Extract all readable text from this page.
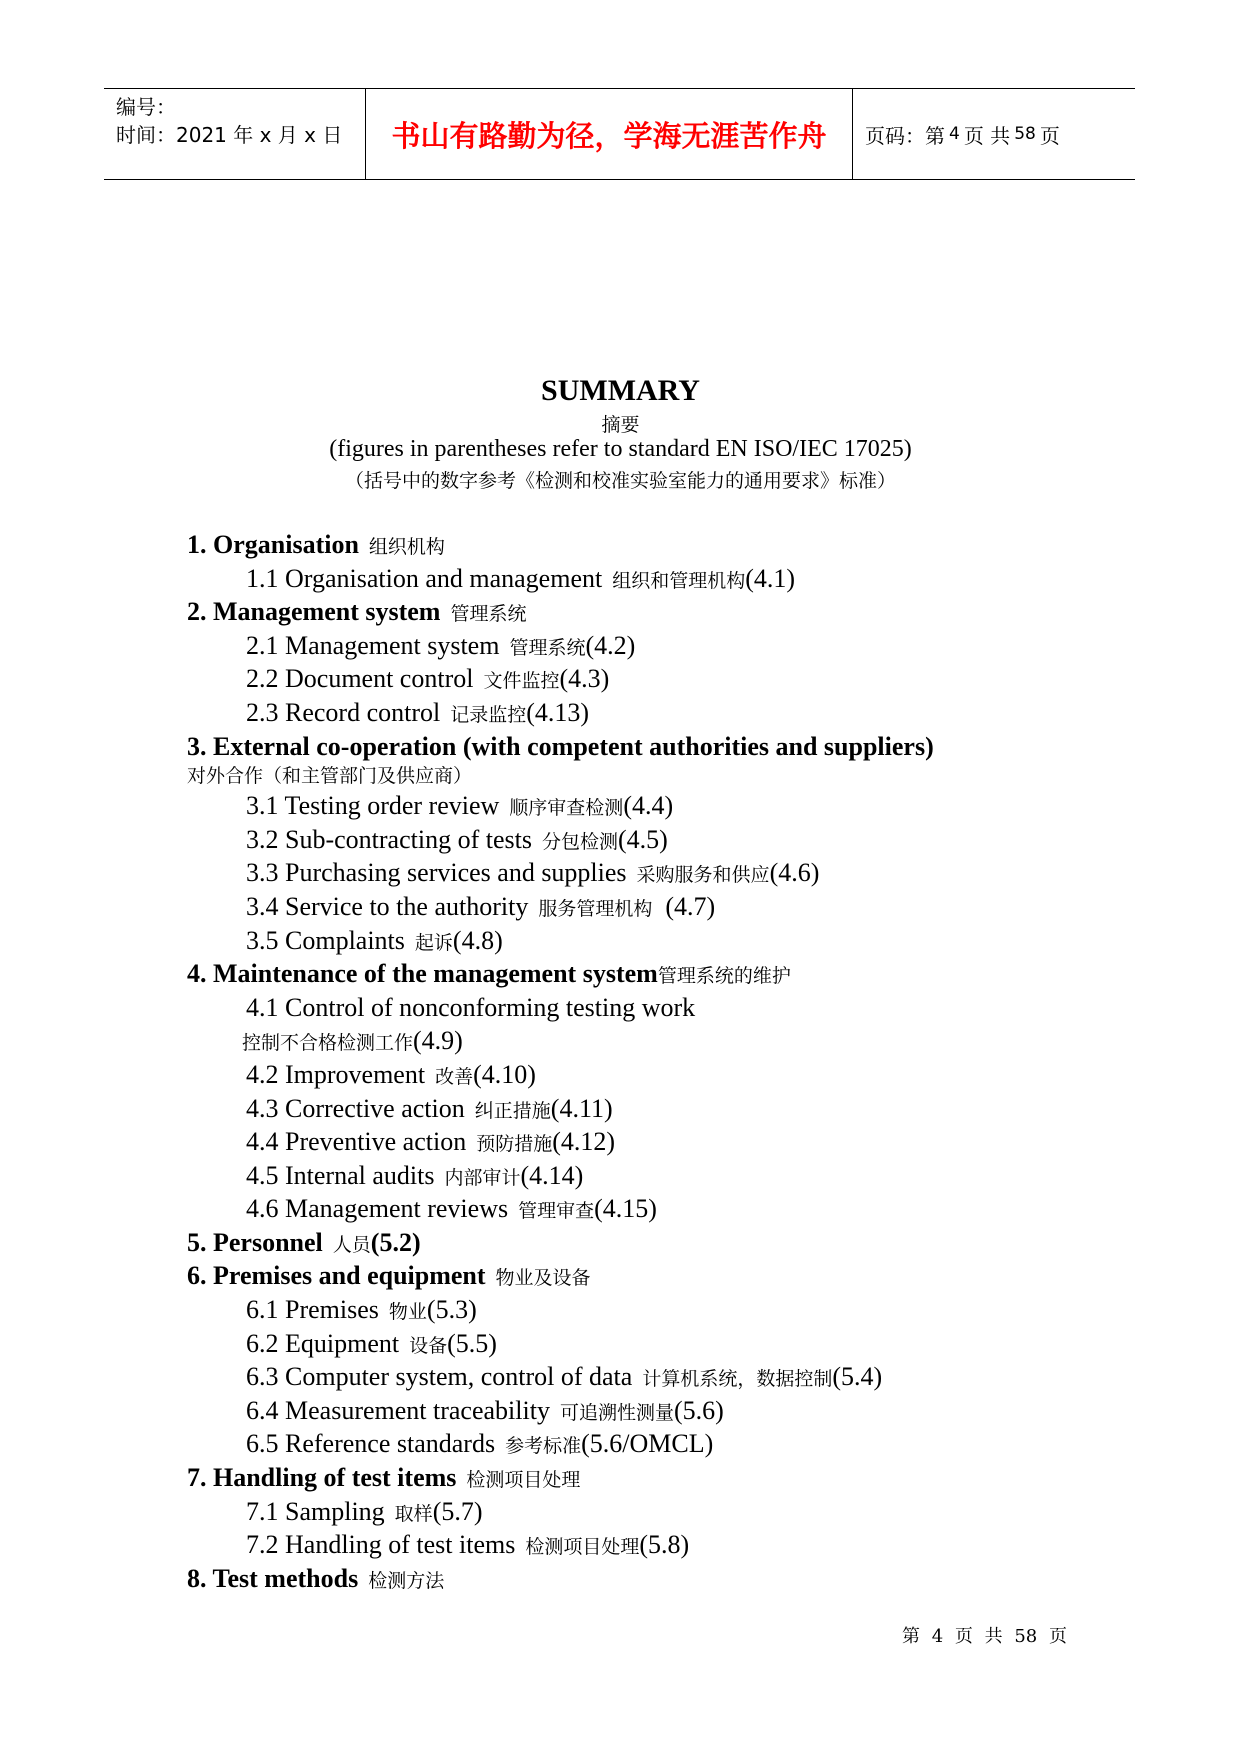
编号：
时间：2021 年 x 月 x 日	书山有路勤为径，学海无涯苦作舟	页码：第 4 页 共 58 页
SUMMARY
摘要
(figures in parentheses refer to standard EN ISO/IEC 17025)
（括号中的数字参考《检测和校准实验室能力的通用要求》标准）
1. Organisation 组织机构
1.1 Organisation and management 组织和管理机构(4.1)
2. Management system 管理系统
2.1 Management system 管理系统(4.2)
2.2 Document control 文件监控(4.3)
2.3 Record control 记录监控(4.13)
3. External co-operation (with competent authorities and suppliers)
对外合作（和主管部门及供应商）
3.1 Testing order review 顺序审查检测(4.4)
3.2 Sub-contracting of tests 分包检测(4.5)
3.3 Purchasing services and supplies 采购服务和供应(4.6)
3.4 Service to the authority 服务管理机构 (4.7)
3.5 Complaints 起诉(4.8)
4. Maintenance of the management system管理系统的维护
4.1 Control of nonconforming testing work
控制不合格检测工作(4.9)
4.2 Improvement 改善(4.10)
4.3 Corrective action 纠正措施(4.11)
4.4 Preventive action 预防措施(4.12)
4.5 Internal audits 内部审计(4.14)
4.6 Management reviews 管理审查(4.15)
5. Personnel 人员(5.2)
6. Premises and equipment 物业及设备
6.1 Premises 物业(5.3)
6.2 Equipment 设备(5.5)
6.3 Computer system, control of data 计算机系统，数据控制(5.4)
6.4 Measurement traceability 可追溯性测量(5.6)
6.5 Reference standards 参考标准(5.6/OMCL)
7. Handling of test items 检测项目处理
7.1 Sampling 取样(5.7)
7.2 Handling of test items 检测项目处理(5.8)
8. Test methods 检测方法
第 4 页 共 58 页
